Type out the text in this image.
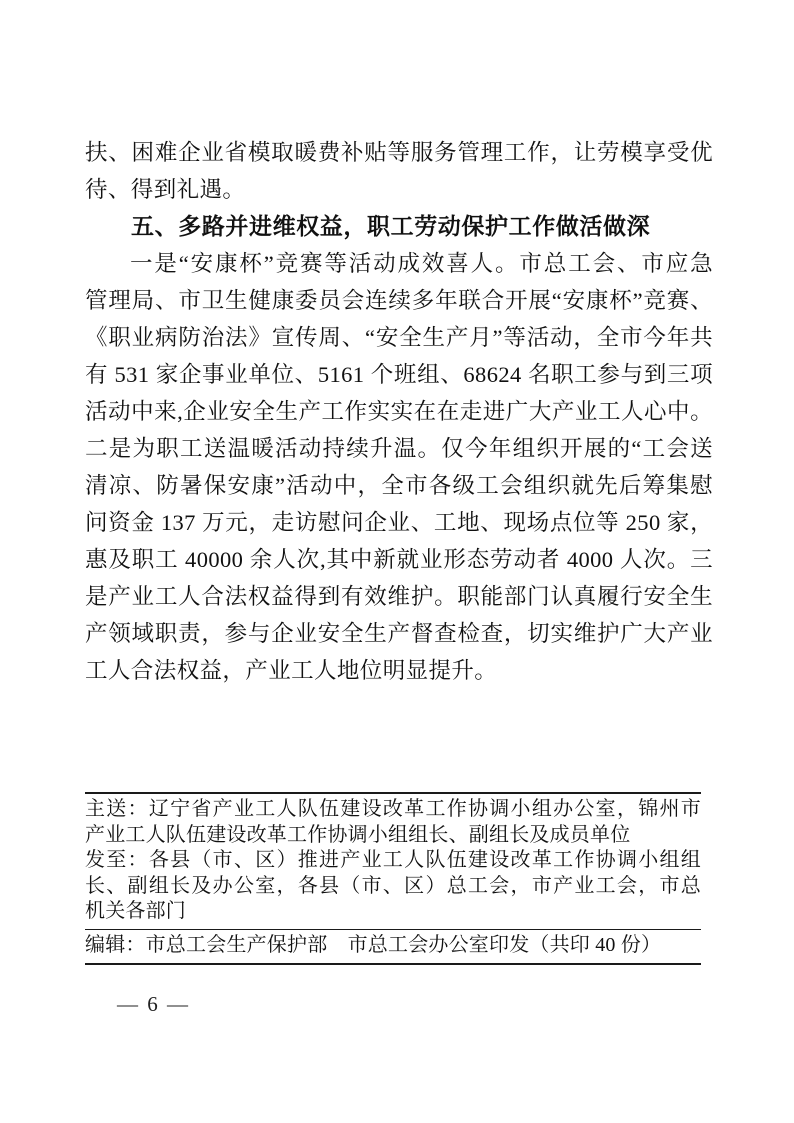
扶、困难企业省模取暖费补贴等服务管理工作，让劳模享受优
待、得到礼遇。
五、多路并进维权益，职工劳动保护工作做活做深
一是“安康杯”竞赛等活动成效喜人。市总工会、市应急
管理局、市卫生健康委员会连续多年联合开展“安康杯”竞赛、
《职业病防治法》宣传周、“安全生产月”等活动，全市今年共
有 531 家企事业单位、5161 个班组、68624 名职工参与到三项
活动中来,企业安全生产工作实实在在走进广大产业工人心中。
二是为职工送温暖活动持续升温。仅今年组织开展的“工会送
清凉、防暑保安康”活动中，全市各级工会组织就先后筹集慰
问资金 137 万元，走访慰问企业、工地、现场点位等 250 家，
惠及职工 40000 余人次,其中新就业形态劳动者 4000 人次。三
是产业工人合法权益得到有效维护。职能部门认真履行安全生
产领域职责，参与企业安全生产督查检查，切实维护广大产业
工人合法权益，产业工人地位明显提升。
主送：辽宁省产业工人队伍建设改革工作协调小组办公室，锦州市
产业工人队伍建设改革工作协调小组组长、副组长及成员单位
发至：各县（市、区）推进产业工人队伍建设改革工作协调小组组
长、副组长及办公室，各县（市、区）总工会，市产业工会，市总
机关各部门
编辑：市总工会生产保护部　市总工会办公室印发（共印 40 份）
— 6 —
